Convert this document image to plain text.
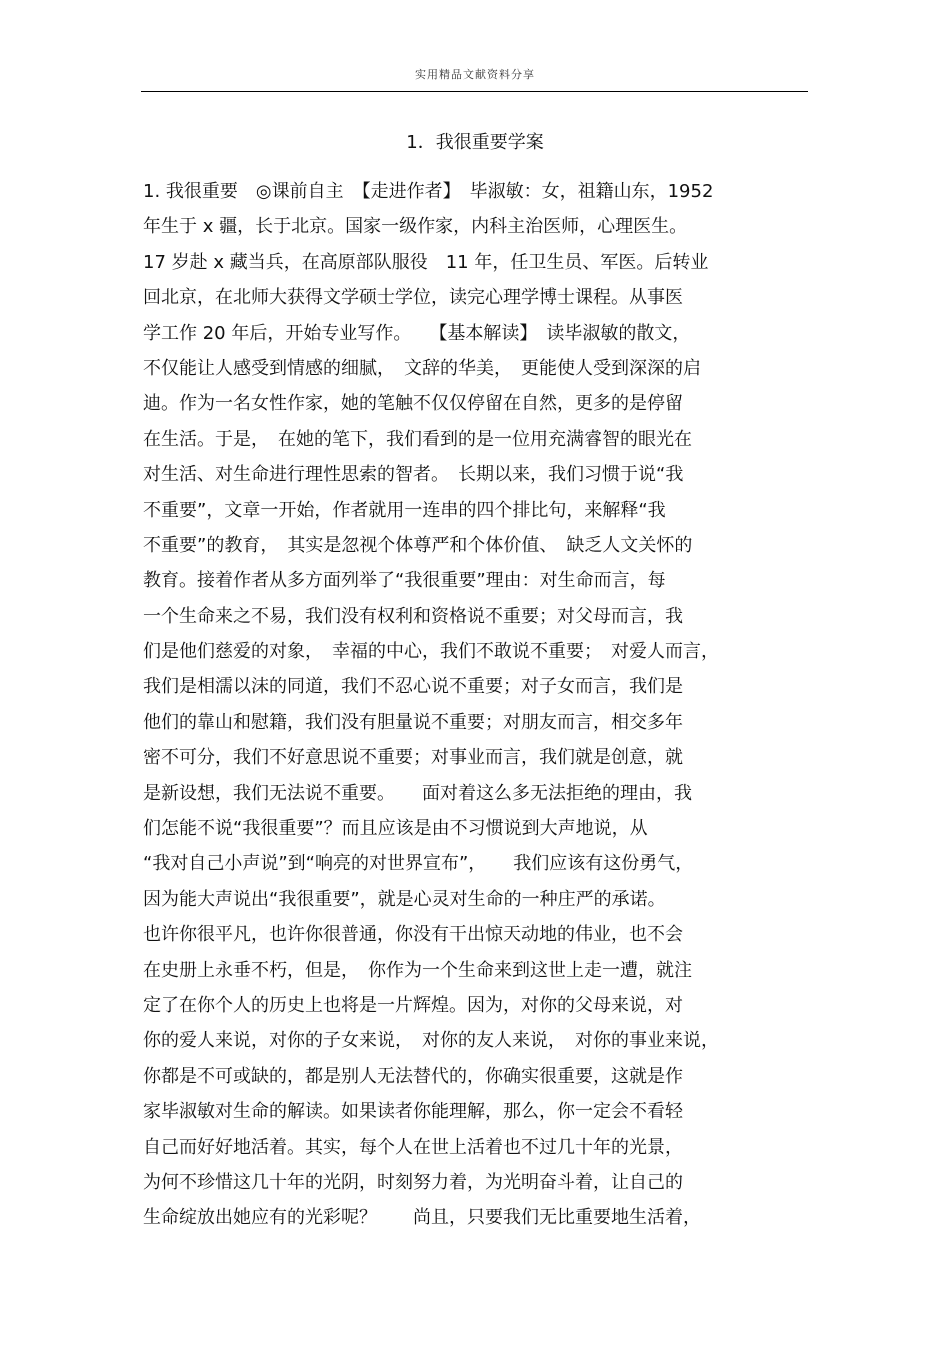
实用精品文献资料分享
1．我很重要学案
1. 我很重要　◎课前自主　【走进作者】　毕淑敏：女，祖籍山东，1952
年生于 x 疆，长于北京。国家一级作家，内科主治医师，心理医生。
17 岁赴 x 藏当兵，在高原部队服役　11 年，任卫生员、军医。后转业
回北京，在北师大获得文学硕士学位，读完心理学博士课程。从事医
学工作 20 年后，开始专业写作。　　【基本解读】　读毕淑敏的散文，
不仅能让人感受到情感的细腻，　文辞的华美，　更能使人受到深深的启
迪。作为一名女性作家，她的笔触不仅仅停留在自然，更多的是停留
在生活。于是，　在她的笔下，我们看到的是一位用充满睿智的眼光在
对生活、对生命进行理性思索的智者。　长期以来，我们习惯于说“我
不重要”，文章一开始，作者就用一连串的四个排比句，来解释“我
不重要”的教育，　其实是忽视个体尊严和个体价值、　缺乏人文关怀的
教育。接着作者从多方面列举了“我很重要”理由：对生命而言，每
一个生命来之不易，我们没有权利和资格说不重要；对父母而言，我
们是他们慈爱的对象，　幸福的中心，我们不敢说不重要；　对爱人而言，
我们是相濡以沫的同道，我们不忍心说不重要；对子女而言，我们是
他们的靠山和慰籍，我们没有胆量说不重要；对朋友而言，相交多年
密不可分，我们不好意思说不重要；对事业而言，我们就是创意，就
是新设想，我们无法说不重要。　　面对着这么多无法拒绝的理由，我
们怎能不说“我很重要”？而且应该是由不习惯说到大声地说，从
“我对自己小声说”到“响亮的对世界宣布”，　　我们应该有这份勇气，
因为能大声说出“我很重要”，就是心灵对生命的一种庄严的承诺。
也许你很平凡，也许你很普通，你没有干出惊天动地的伟业，也不会
在史册上永垂不朽，但是，　你作为一个生命来到这世上走一遭，就注
定了在你个人的历史上也将是一片辉煌。因为，对你的父母来说，对
你的爱人来说，对你的子女来说，　对你的友人来说，　对你的事业来说，
你都是不可或缺的，都是别人无法替代的，你确实很重要，这就是作
家毕淑敏对生命的解读。如果读者你能理解，那么，你一定会不看轻
自己而好好地活着。其实，每个人在世上活着也不过几十年的光景，
为何不珍惜这几十年的光阴，时刻努力着，为光明奋斗着，让自己的
生命绽放出她应有的光彩呢？　　尚且，只要我们无比重要地生活着，
